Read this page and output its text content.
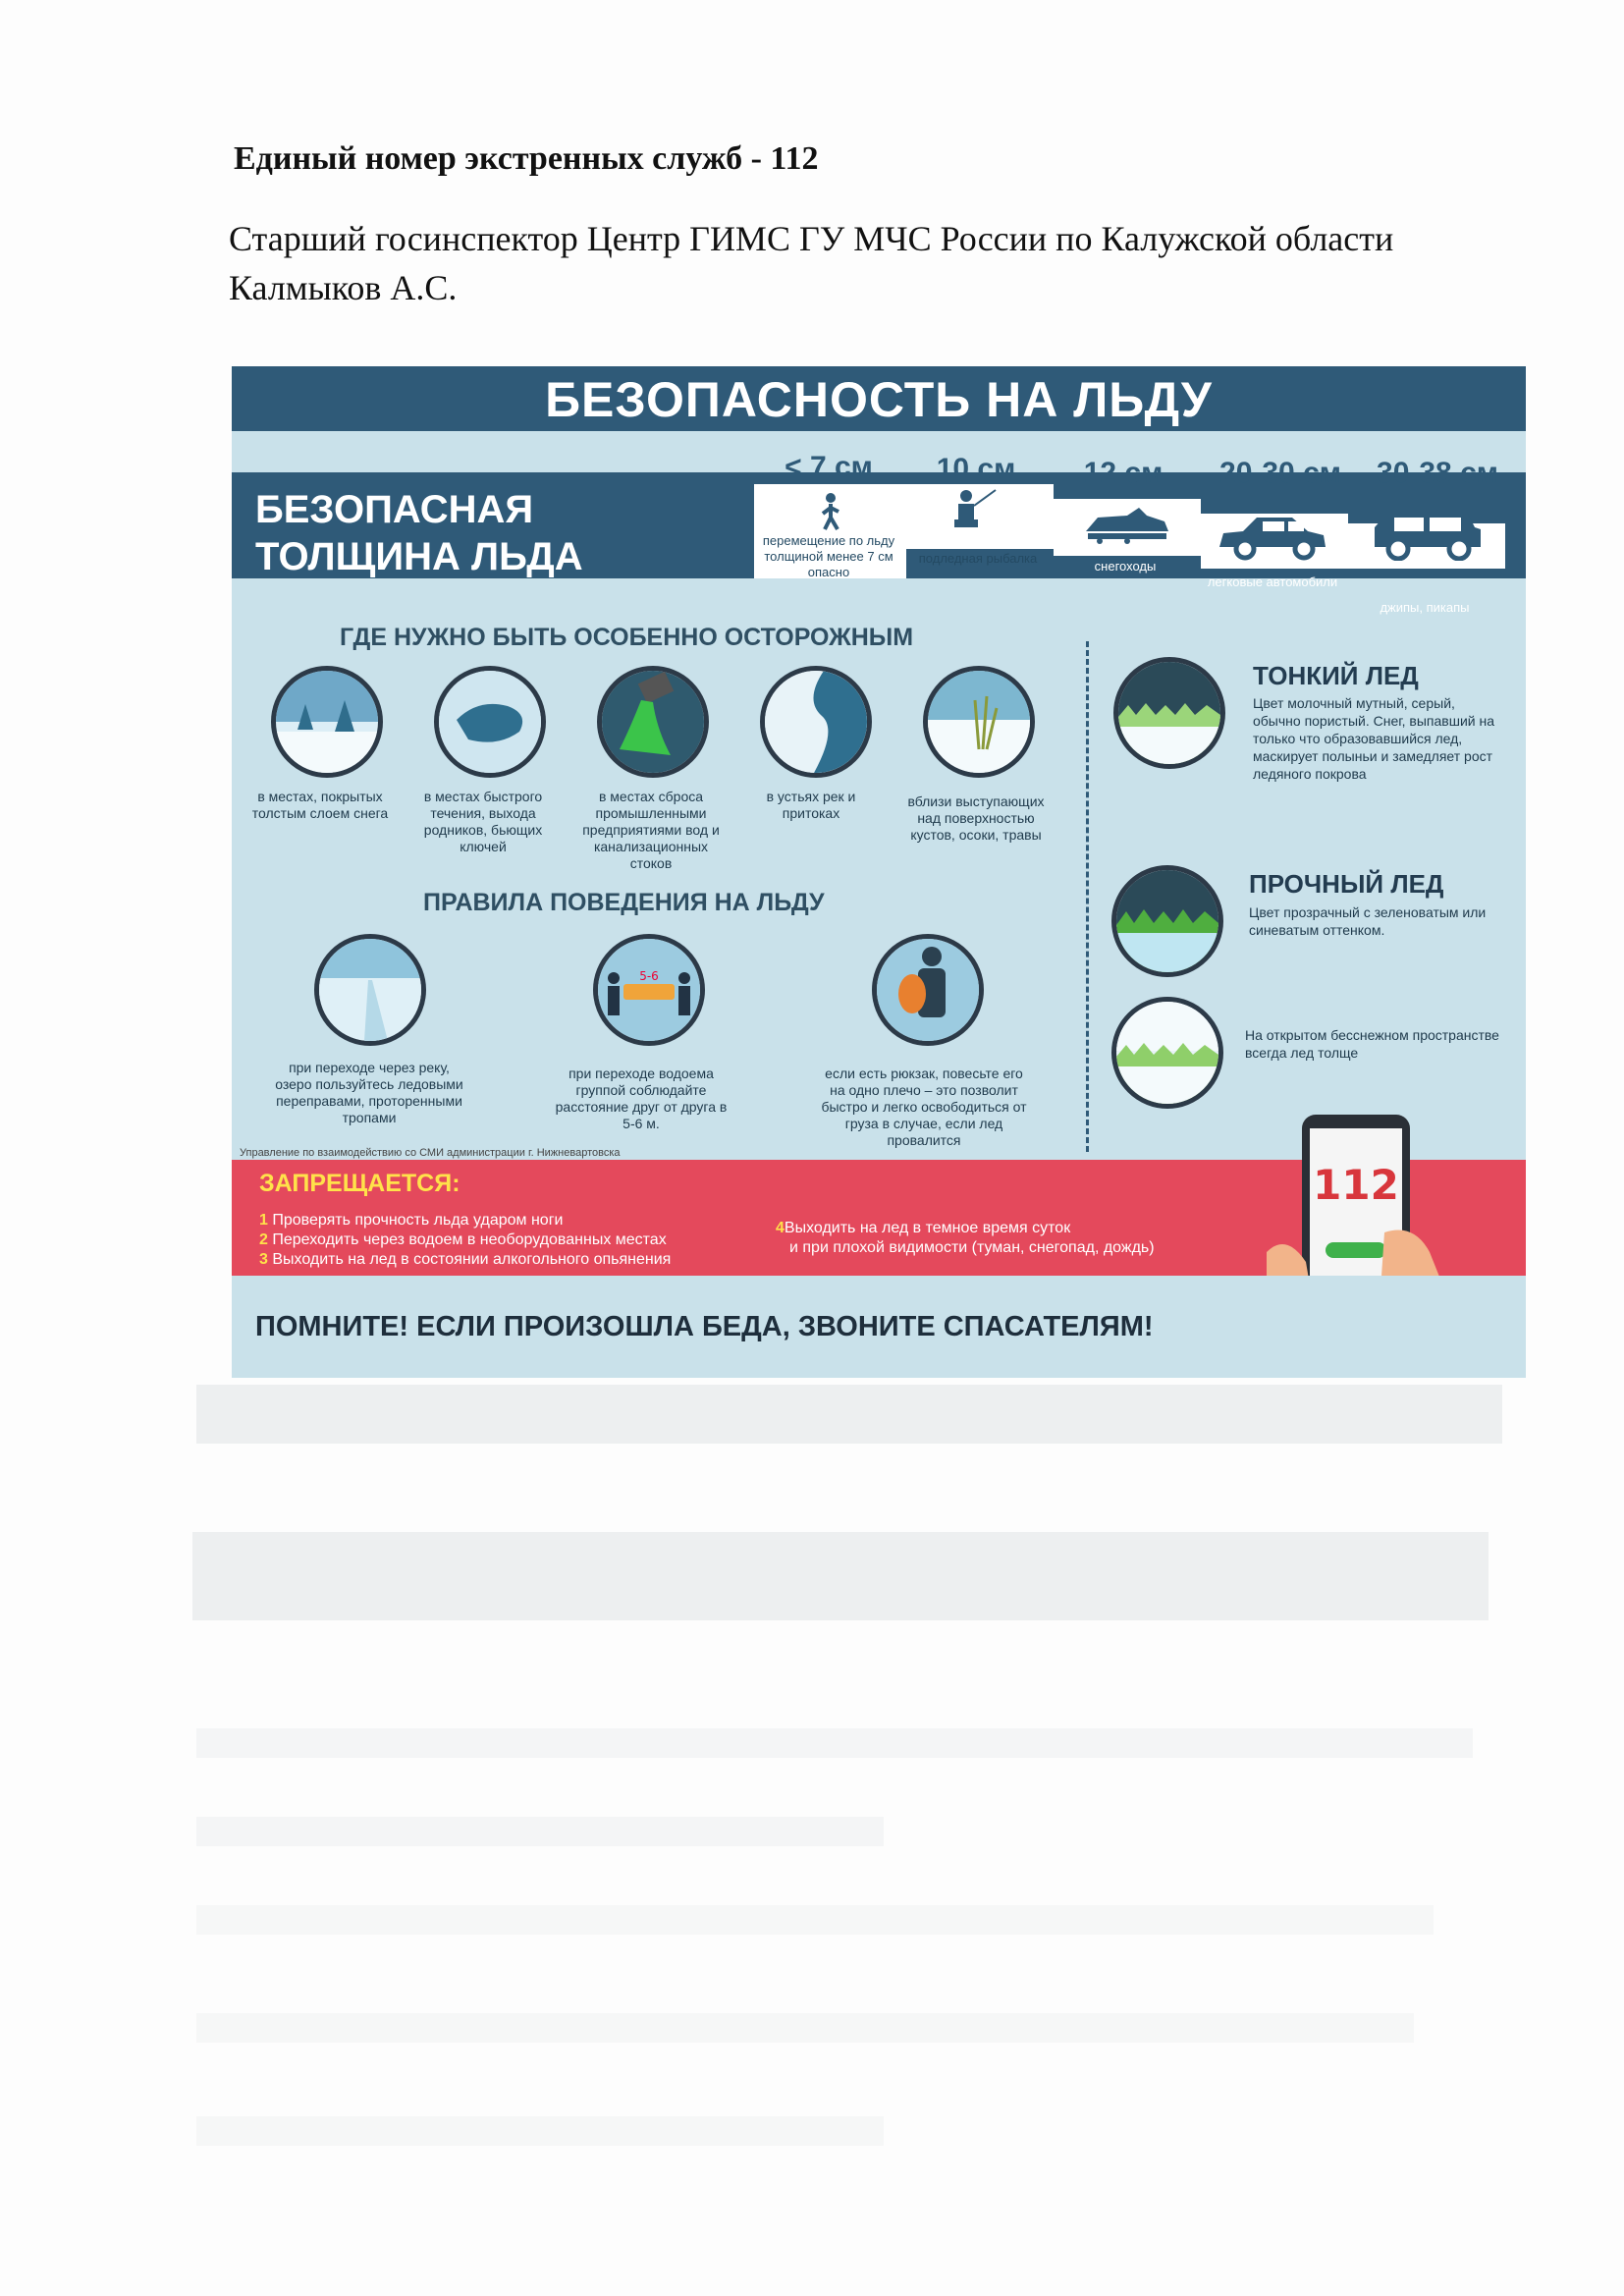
Единый номер экстренных служб - 112
Старший госинспектор Центр ГИМС ГУ МЧС России по Калужской области
Калмыков А.С.
БЕЗОПАСНОСТЬ НА ЛЬДУ
БЕЗОПАСНАЯ
ТОЛЩИНА ЛЬДА
< 7 см	10 см	12 см	20-30 см	30-38 см
перемещение по льду толщиной менее 7 см опасно
подледная рыбалка
снегоходы
легковые автомобили
джипы, пикапы
ГДЕ НУЖНО БЫТЬ ОСОБЕННО ОСТОРОЖНЫМ
в местах, покрытых толстым слоем снега
в местах быстрого течения, выхода родников, бьющих ключей
в местах сброса промышленными предприятиями вод и канализационных стоков
в устьях рек и притоках
вблизи выступающих над поверхностью кустов, осоки, травы
ПРАВИЛА ПОВЕДЕНИЯ НА ЛЬДУ
5-6
при переходе через реку, озеро пользуйтесь ледовыми переправами, проторенными тропами
при переходе водоема группой соблюдайте расстояние друг от друга в 5-6 м.
если есть рюкзак, повесьте его на одно плечо – это позволит быстро и легко освободиться от груза в случае, если лед провалится
ТОНКИЙ ЛЕД
Цвет молочный мутный, серый, обычно пористый. Снег, выпавший на только что образовавшийся лед, маскирует полыньи и замедляет рост ледяного покрова
ПРОЧНЫЙ ЛЕД
Цвет прозрачный с зеленоватым или синеватым оттенком.
На открытом бесснежном пространстве всегда лед толще
Управление по взаимодействию со СМИ администрации г. Нижневартовска
ЗАПРЕЩАЕТСЯ:
1 Проверять прочность льда ударом ноги
2 Переходить через водоем в необорудованных местах
3 Выходить на лед в состоянии алкогольного опьянения
4Выходить на лед в темное время суток
и при плохой видимости (туман, снегопад, дождь)
112
ПОМНИТЕ! ЕСЛИ ПРОИЗОШЛА БЕДА, ЗВОНИТЕ СПАСАТЕЛЯМ!
